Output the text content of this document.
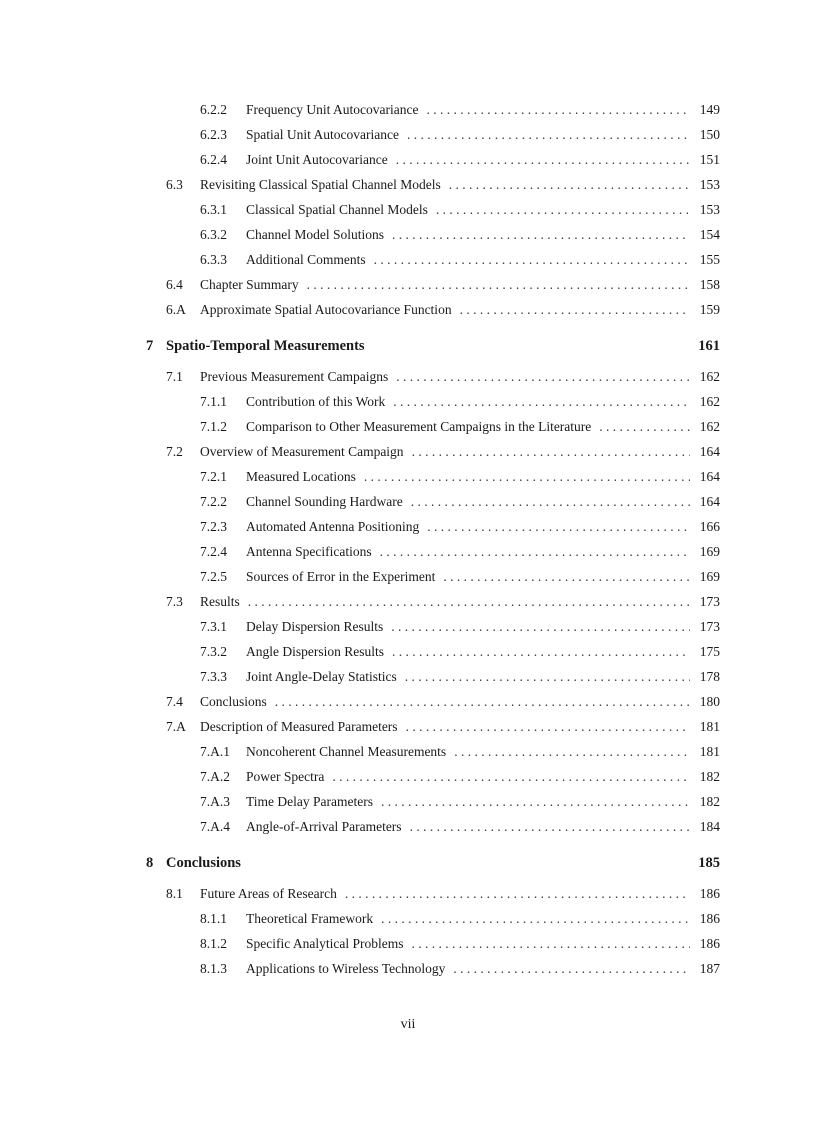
6.2.2 Frequency Unit Autocovariance . . .	149
6.2.3 Spatial Unit Autocovariance . . .	150
6.2.4 Joint Unit Autocovariance . . .	151
6.3 Revisiting Classical Spatial Channel Models . . .	153
6.3.1 Classical Spatial Channel Models . . .	153
6.3.2 Channel Model Solutions . . .	154
6.3.3 Additional Comments . . .	155
6.4 Chapter Summary . . .	158
6.A Approximate Spatial Autocovariance Function . . .	159
7 Spatio-Temporal Measurements	161
7.1 Previous Measurement Campaigns . . .	162
7.1.1 Contribution of this Work . . .	162
7.1.2 Comparison to Other Measurement Campaigns in the Literature . . .	162
7.2 Overview of Measurement Campaign . . .	164
7.2.1 Measured Locations . . .	164
7.2.2 Channel Sounding Hardware . . .	164
7.2.3 Automated Antenna Positioning . . .	166
7.2.4 Antenna Specifications . . .	169
7.2.5 Sources of Error in the Experiment . . .	169
7.3 Results . . .	173
7.3.1 Delay Dispersion Results . . .	173
7.3.2 Angle Dispersion Results . . .	175
7.3.3 Joint Angle-Delay Statistics . . .	178
7.4 Conclusions . . .	180
7.A Description of Measured Parameters . . .	181
7.A.1 Noncoherent Channel Measurements . . .	181
7.A.2 Power Spectra . . .	182
7.A.3 Time Delay Parameters . . .	182
7.A.4 Angle-of-Arrival Parameters . . .	184
8 Conclusions	185
8.1 Future Areas of Research . . .	186
8.1.1 Theoretical Framework . . .	186
8.1.2 Specific Analytical Problems . . .	186
8.1.3 Applications to Wireless Technology . . .	187
vii
